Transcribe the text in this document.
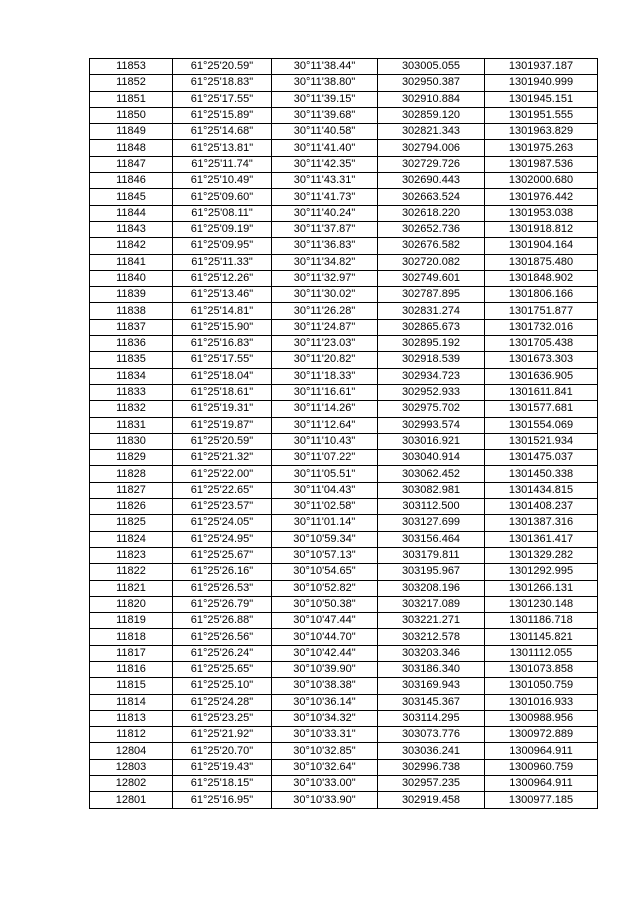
11853	61°25'20.59"	30°11'38.44"	303005.055	1301937.187
11852	61°25'18.83"	30°11'38.80"	302950.387	1301940.999
11851	61°25'17.55"	30°11'39.15"	302910.884	1301945.151
11850	61°25'15.89"	30°11'39.68"	302859.120	1301951.555
11849	61°25'14.68"	30°11'40.58"	302821.343	1301963.829
11848	61°25'13.81"	30°11'41.40"	302794.006	1301975.263
11847	61°25'11.74"	30°11'42.35"	302729.726	1301987.536
11846	61°25'10.49"	30°11'43.31"	302690.443	1302000.680
11845	61°25'09.60"	30°11'41.73"	302663.524	1301976.442
11844	61°25'08.11"	30°11'40.24"	302618.220	1301953.038
11843	61°25'09.19"	30°11'37.87"	302652.736	1301918.812
11842	61°25'09.95"	30°11'36.83"	302676.582	1301904.164
11841	61°25'11.33"	30°11'34.82"	302720.082	1301875.480
11840	61°25'12.26"	30°11'32.97"	302749.601	1301848.902
11839	61°25'13.46"	30°11'30.02"	302787.895	1301806.166
11838	61°25'14.81"	30°11'26.28"	302831.274	1301751.877
11837	61°25'15.90"	30°11'24.87"	302865.673	1301732.016
11836	61°25'16.83"	30°11'23.03"	302895.192	1301705.438
11835	61°25'17.55"	30°11'20.82"	302918.539	1301673.303
11834	61°25'18.04"	30°11'18.33"	302934.723	1301636.905
11833	61°25'18.61"	30°11'16.61"	302952.933	1301611.841
11832	61°25'19.31"	30°11'14.26"	302975.702	1301577.681
11831	61°25'19.87"	30°11'12.64"	302993.574	1301554.069
11830	61°25'20.59"	30°11'10.43"	303016.921	1301521.934
11829	61°25'21.32"	30°11'07.22"	303040.914	1301475.037
11828	61°25'22.00"	30°11'05.51"	303062.452	1301450.338
11827	61°25'22.65"	30°11'04.43"	303082.981	1301434.815
11826	61°25'23.57"	30°11'02.58"	303112.500	1301408.237
11825	61°25'24.05"	30°11'01.14"	303127.699	1301387.316
11824	61°25'24.95"	30°10'59.34"	303156.464	1301361.417
11823	61°25'25.67"	30°10'57.13"	303179.811	1301329.282
11822	61°25'26.16"	30°10'54.65"	303195.967	1301292.995
11821	61°25'26.53"	30°10'52.82"	303208.196	1301266.131
11820	61°25'26.79"	30°10'50.38"	303217.089	1301230.148
11819	61°25'26.88"	30°10'47.44"	303221.271	1301186.718
11818	61°25'26.56"	30°10'44.70"	303212.578	1301145.821
11817	61°25'26.24"	30°10'42.44"	303203.346	1301112.055
11816	61°25'25.65"	30°10'39.90"	303186.340	1301073.858
11815	61°25'25.10"	30°10'38.38"	303169.943	1301050.759
11814	61°25'24.28"	30°10'36.14"	303145.367	1301016.933
11813	61°25'23.25"	30°10'34.32"	303114.295	1300988.956
11812	61°25'21.92"	30°10'33.31"	303073.776	1300972.889
12804	61°25'20.70"	30°10'32.85"	303036.241	1300964.911
12803	61°25'19.43"	30°10'32.64"	302996.738	1300960.759
12802	61°25'18.15"	30°10'33.00"	302957.235	1300964.911
12801	61°25'16.95"	30°10'33.90"	302919.458	1300977.185
